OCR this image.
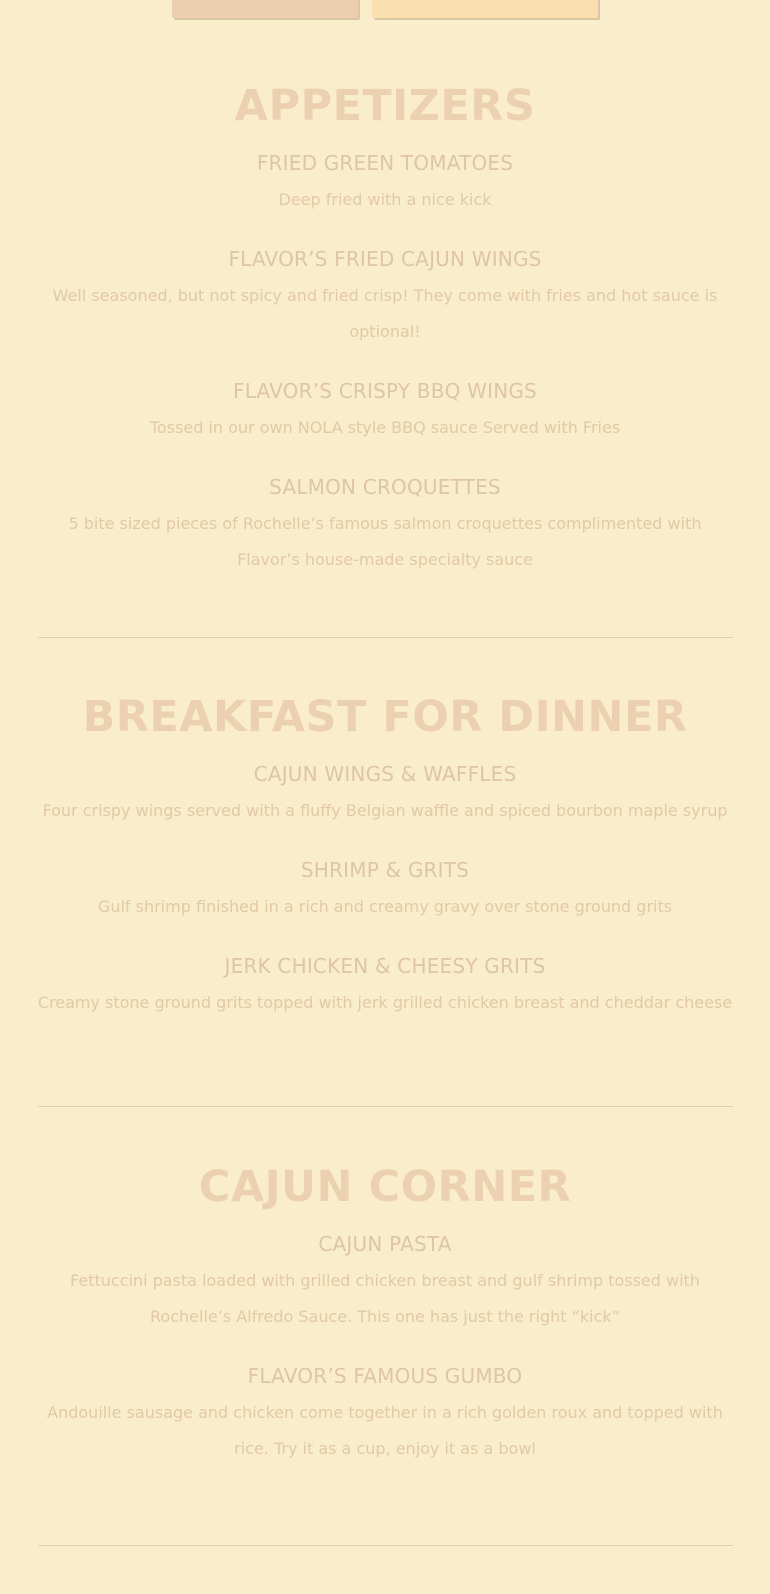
APPETIZERS

FRIED GREEN TOMATOES

Deep fried with a nice kick

FLAVOR’S FRIED CAJUN WINGS

Well seasoned, but not spicy and fried crisp! They come with fries and hot sauce is optional!

FLAVOR’S CRISPY BBQ WINGS

Tossed in our own NOLA style BBQ sauce Served with Fries

SALMON CROQUETTES

5 bite sized pieces of Rochelle’s famous salmon croquettes complimented with Flavor’s house-made specialty sauce

BREAKFAST FOR DINNER

CAJUN WINGS & WAFFLES

Four crispy wings served with a fluffy Belgian waffle and spiced bourbon maple syrup

SHRIMP & GRITS

Gulf shrimp finished in a rich and creamy gravy over stone ground grits

JERK CHICKEN & CHEESY GRITS

Creamy stone ground grits topped with jerk grilled chicken breast and cheddar cheese

CAJUN CORNER

CAJUN PASTA

Fettuccini pasta loaded with grilled chicken breast and gulf shrimp tossed with Rochelle’s Alfredo Sauce. This one has just the right “kick”

FLAVOR’S FAMOUS GUMBO

Andouille sausage and chicken come together in a rich golden roux and topped with rice. Try it as a cup, enjoy it as a bowl
